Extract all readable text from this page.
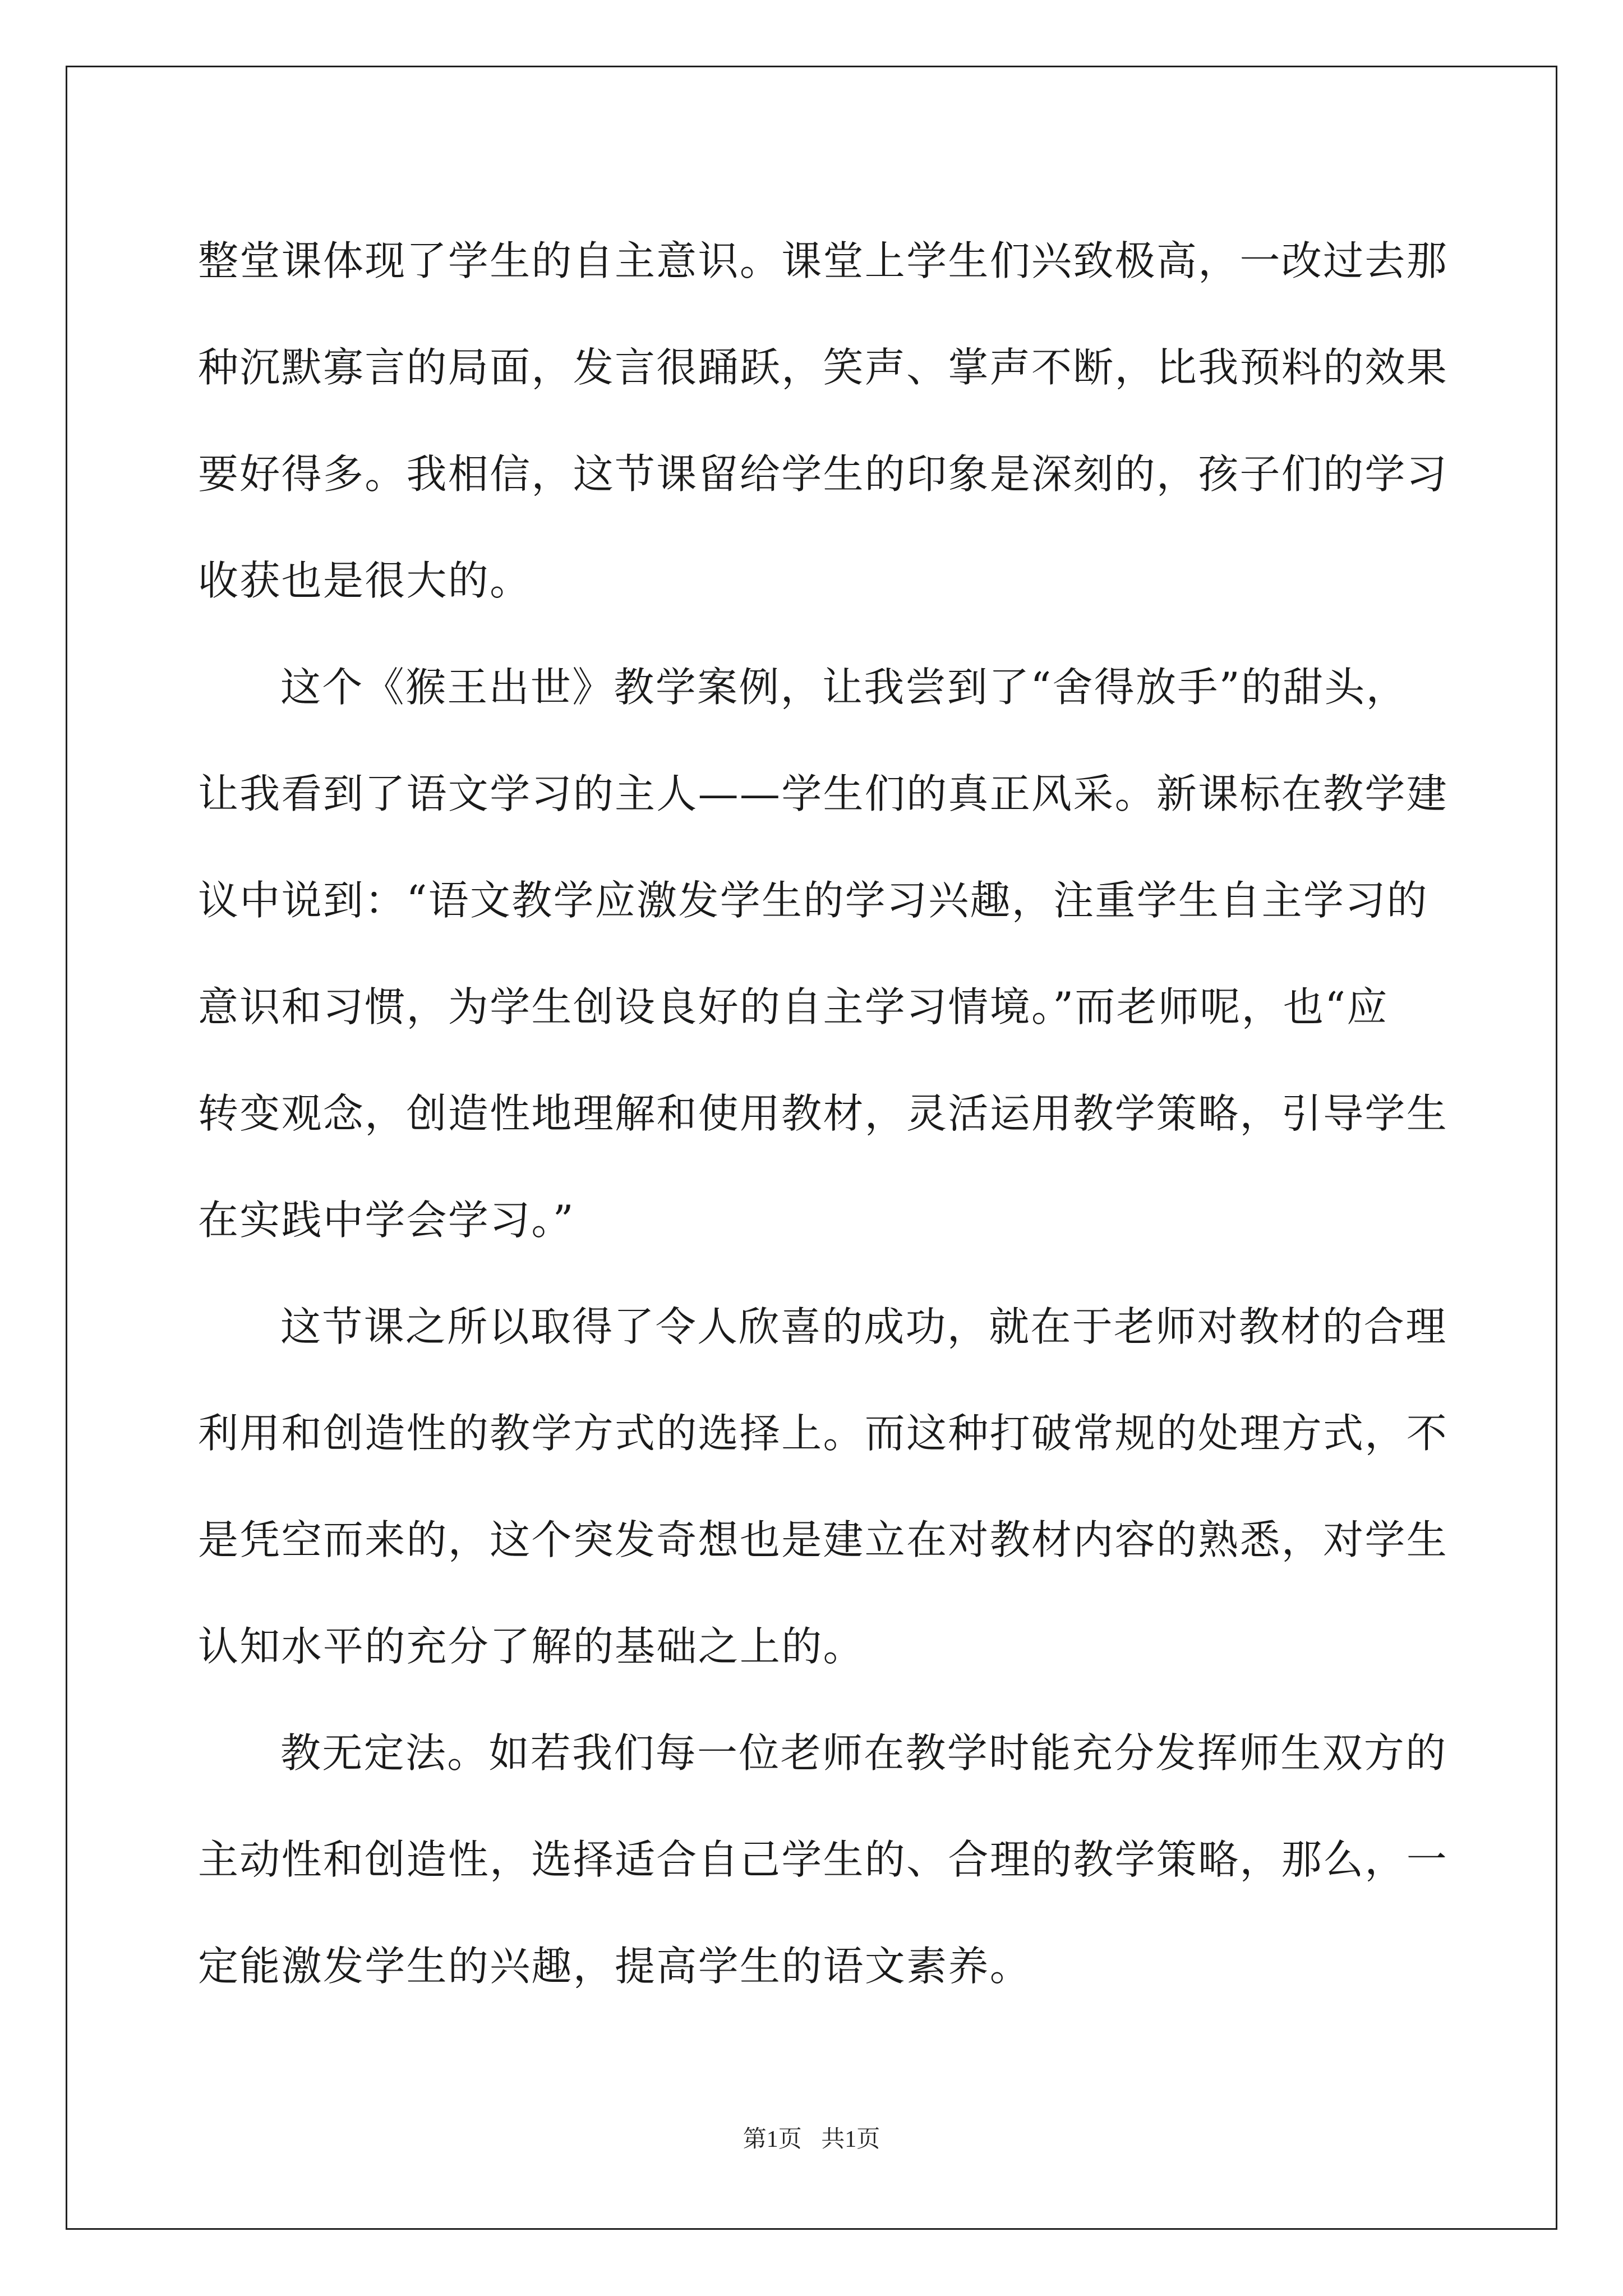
整堂课体现了学生的自主意识。课堂上学生们兴致极高，一改过去那
种沉默寡言的局面，发言很踊跃，笑声、掌声不断，比我预料的效果
要好得多。我相信，这节课留给学生的印象是深刻的，孩子们的学习
收获也是很大的。
这个《猴王出世》教学案例，让我尝到了“舍得放手”的甜头，
让我看到了语文学习的主人——学生们的真正风采。新课标在教学建
议中说到：“语文教学应激发学生的学习兴趣，注重学生自主学习的
意识和习惯，为学生创设良好的自主学习情境。”而老师呢，也“应
转变观念，创造性地理解和使用教材，灵活运用教学策略，引导学生
在实践中学会学习。”
这节课之所以取得了令人欣喜的成功，就在于老师对教材的合理
利用和创造性的教学方式的选择上。而这种打破常规的处理方式，不
是凭空而来的，这个突发奇想也是建立在对教材内容的熟悉，对学生
认知水平的充分了解的基础之上的。
教无定法。如若我们每一位老师在教学时能充分发挥师生双方的
主动性和创造性，选择适合自己学生的、合理的教学策略，那么，一
定能激发学生的兴趣，提高学生的语文素养。
第1页 共1页
